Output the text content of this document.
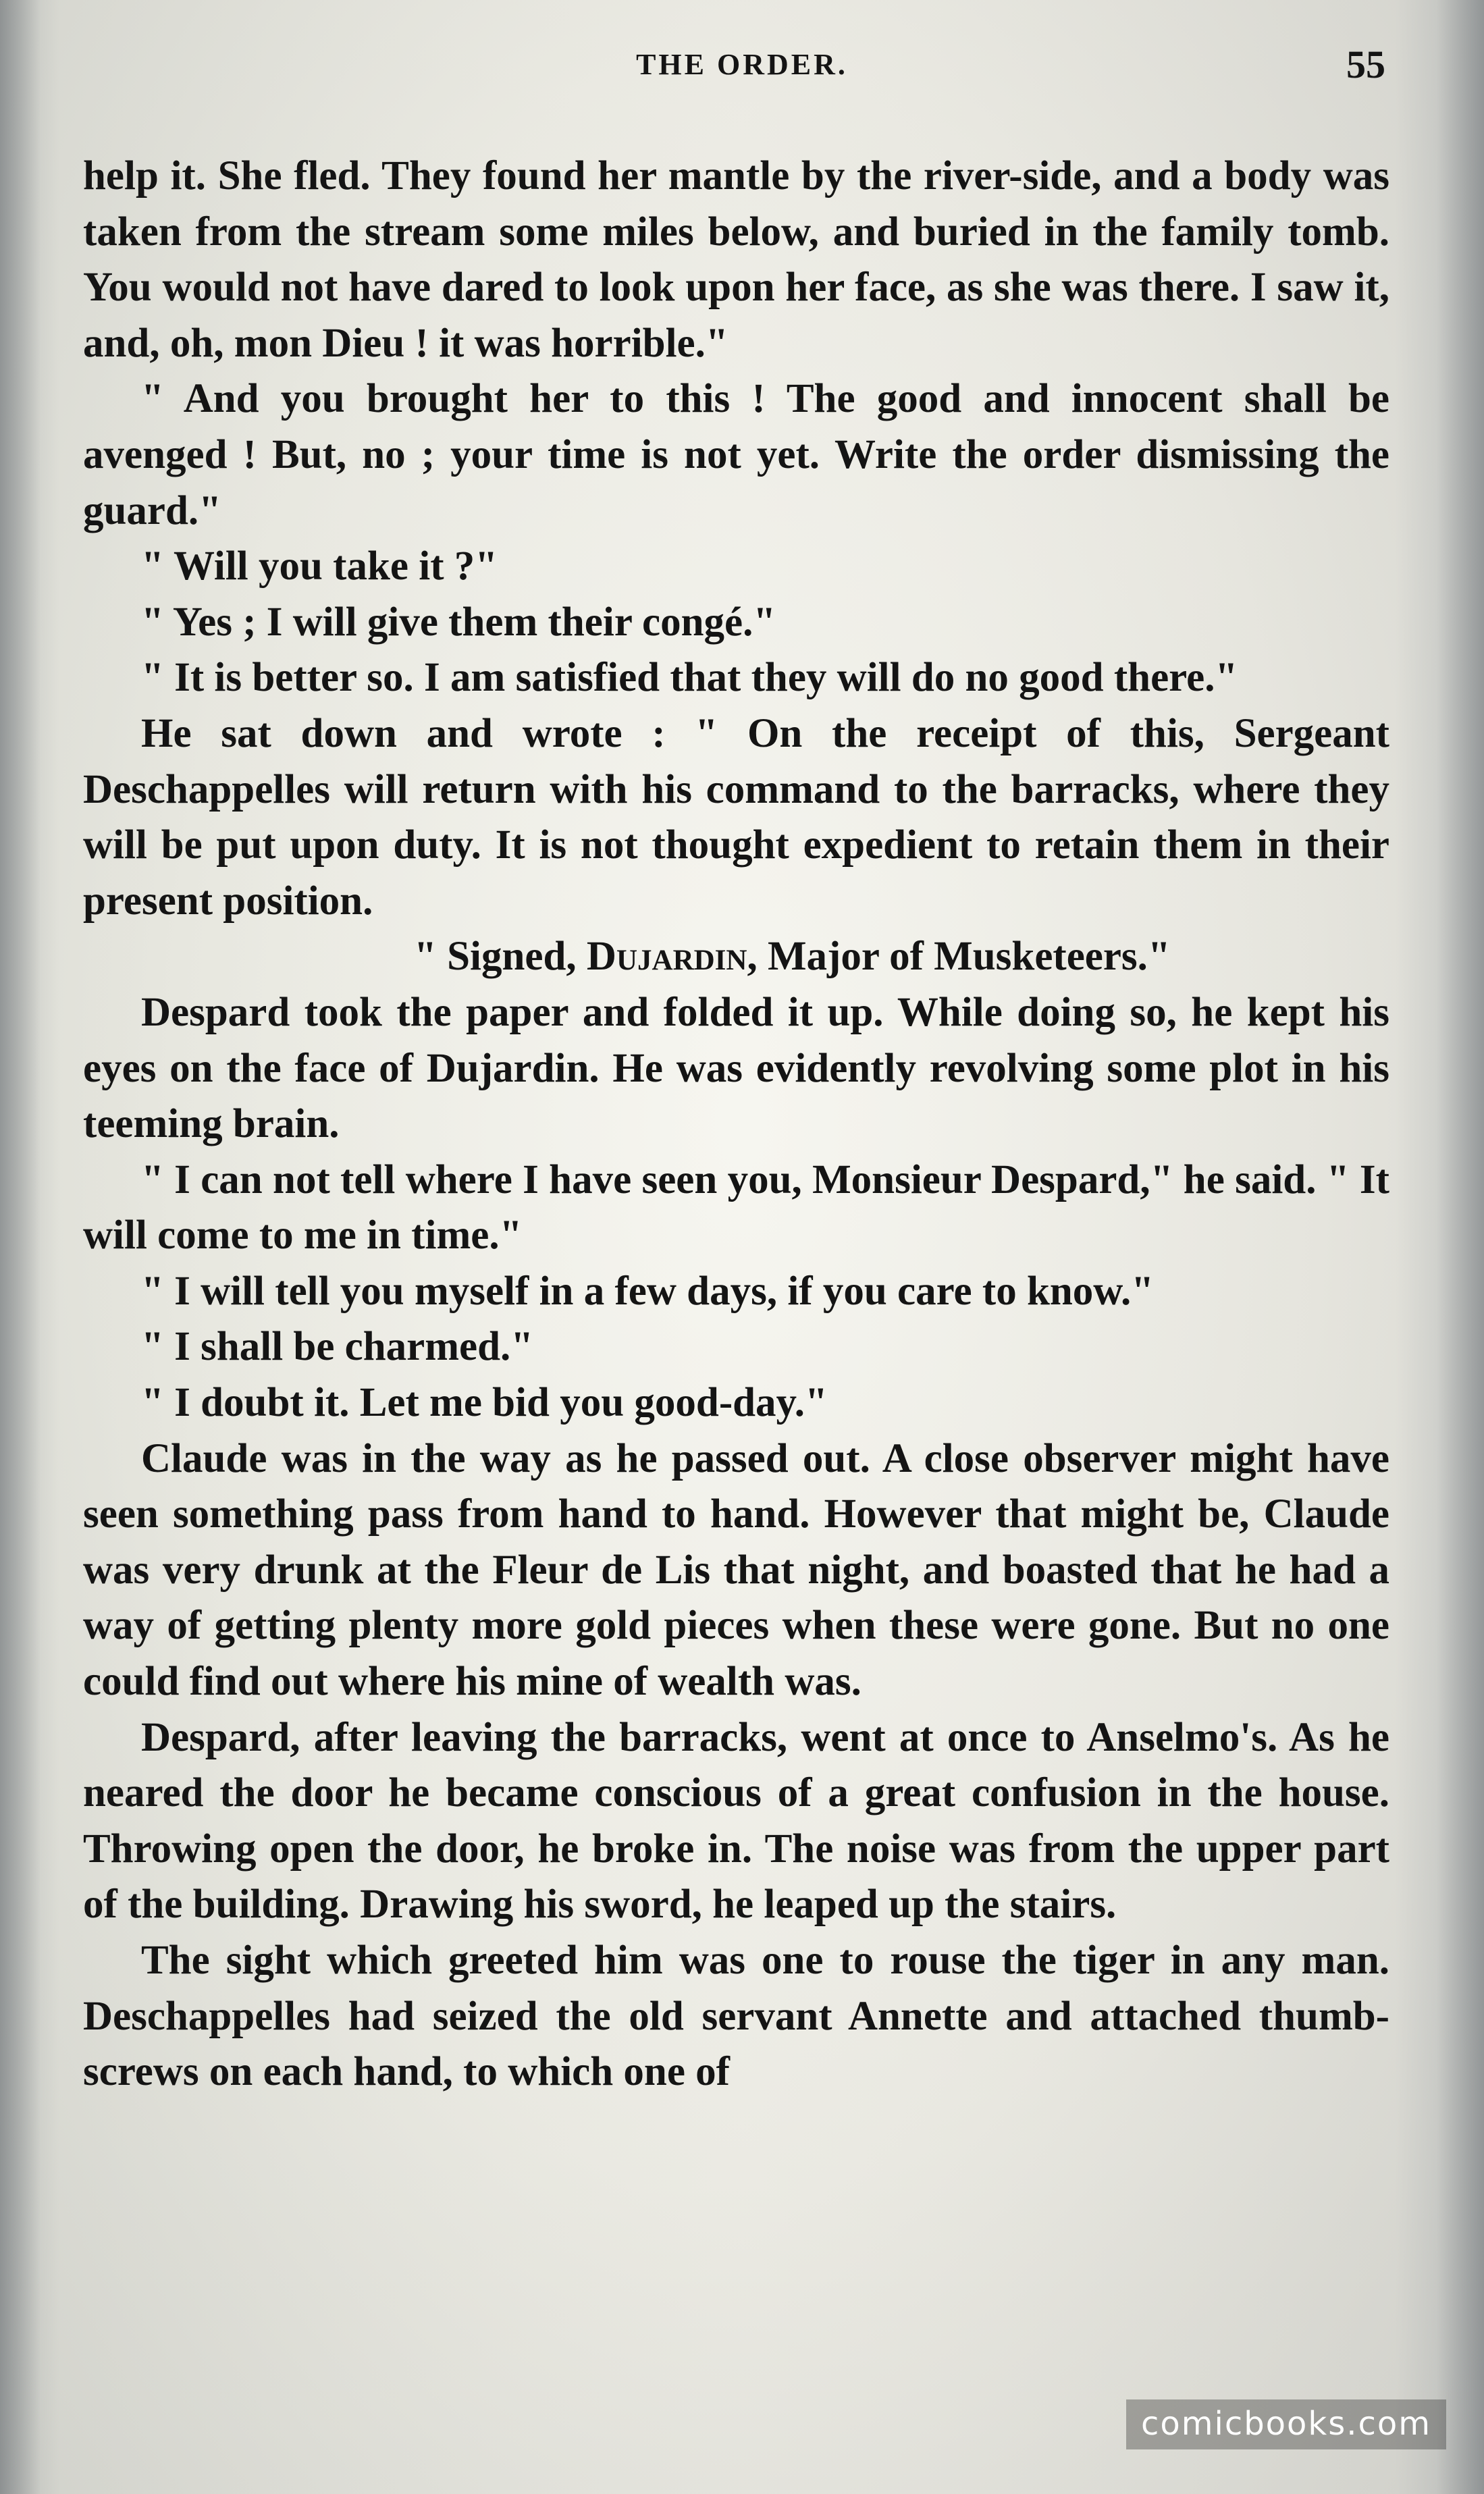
THE ORDER.	55

help it. She fled. They found her mantle by the river-side, and a body was taken from the stream some miles below, and buried in the family tomb. You would not have dared to look upon her face, as she was there. I saw it, and, oh, mon Dieu ! it was horrible."

" And you brought her to this ! The good and innocent shall be avenged ! But, no ; your time is not yet. Write the order dismissing the guard."

" Will you take it ?"

" Yes ; I will give them their congé."

" It is better so. I am satisfied that they will do no good there."

He sat down and wrote : " On the receipt of this, Sergeant Deschappelles will return with his command to the barracks, where they will be put upon duty. It is not thought expedient to retain them in their present position.

" Signed, Dujardin, Major of Musketeers."

Despard took the paper and folded it up. While doing so, he kept his eyes on the face of Dujardin. He was evidently revolving some plot in his teeming brain.

" I can not tell where I have seen you, Monsieur Despard," he said. " It will come to me in time."

" I will tell you myself in a few days, if you care to know."

" I shall be charmed."

" I doubt it. Let me bid you good-day."

Claude was in the way as he passed out. A close observer might have seen something pass from hand to hand. However that might be, Claude was very drunk at the Fleur de Lis that night, and boasted that he had a way of getting plenty more gold pieces when these were gone. But no one could find out where his mine of wealth was.

Despard, after leaving the barracks, went at once to Anselmo's. As he neared the door he became conscious of a great confusion in the house. Throwing open the door, he broke in. The noise was from the upper part of the building. Drawing his sword, he leaped up the stairs.

The sight which greeted him was one to rouse the tiger in any man. Deschappelles had seized the old servant Annette and attached thumb-screws on each hand, to which one of

comicbooks.com
